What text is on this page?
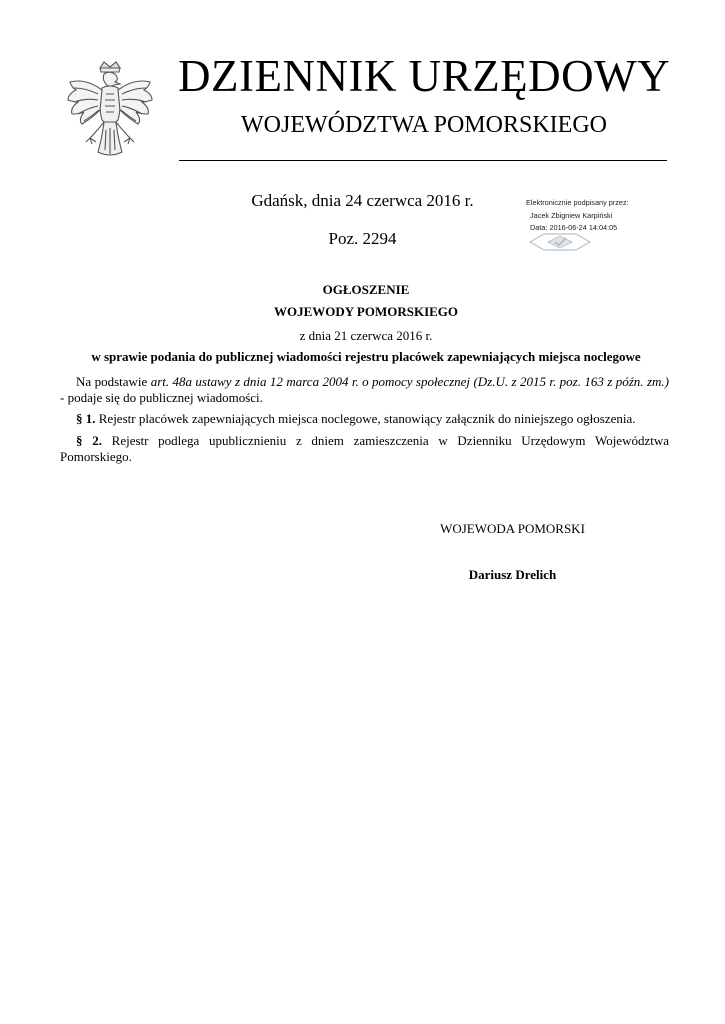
DZIENNIK URZĘDOWY
WOJEWÓDZTWA POMORSKIEGO
Gdańsk, dnia 24 czerwca 2016 r.
Poz. 2294
Elektronicznie podpisany przez:
Jacek Zbigniew Karpiński
Data: 2016-06-24 14:04:05
OGŁOSZENIE
WOJEWODY POMORSKIEGO
z dnia 21 czerwca 2016 r.
w sprawie podania do publicznej wiadomości rejestru placówek zapewniających miejsca noclegowe
Na podstawie art. 48a ustawy z dnia 12 marca 2004 r. o pomocy społecznej (Dz.U. z 2015 r. poz. 163 z późn. zm.) - podaje się do publicznej wiadomości.
§ 1. Rejestr placówek zapewniających miejsca noclegowe, stanowiący załącznik do niniejszego ogłoszenia.
§ 2. Rejestr podlega upublicznieniu z dniem zamieszczenia w Dzienniku Urzędowym Województwa Pomorskiego.
WOJEWODA POMORSKI
Dariusz Drelich
